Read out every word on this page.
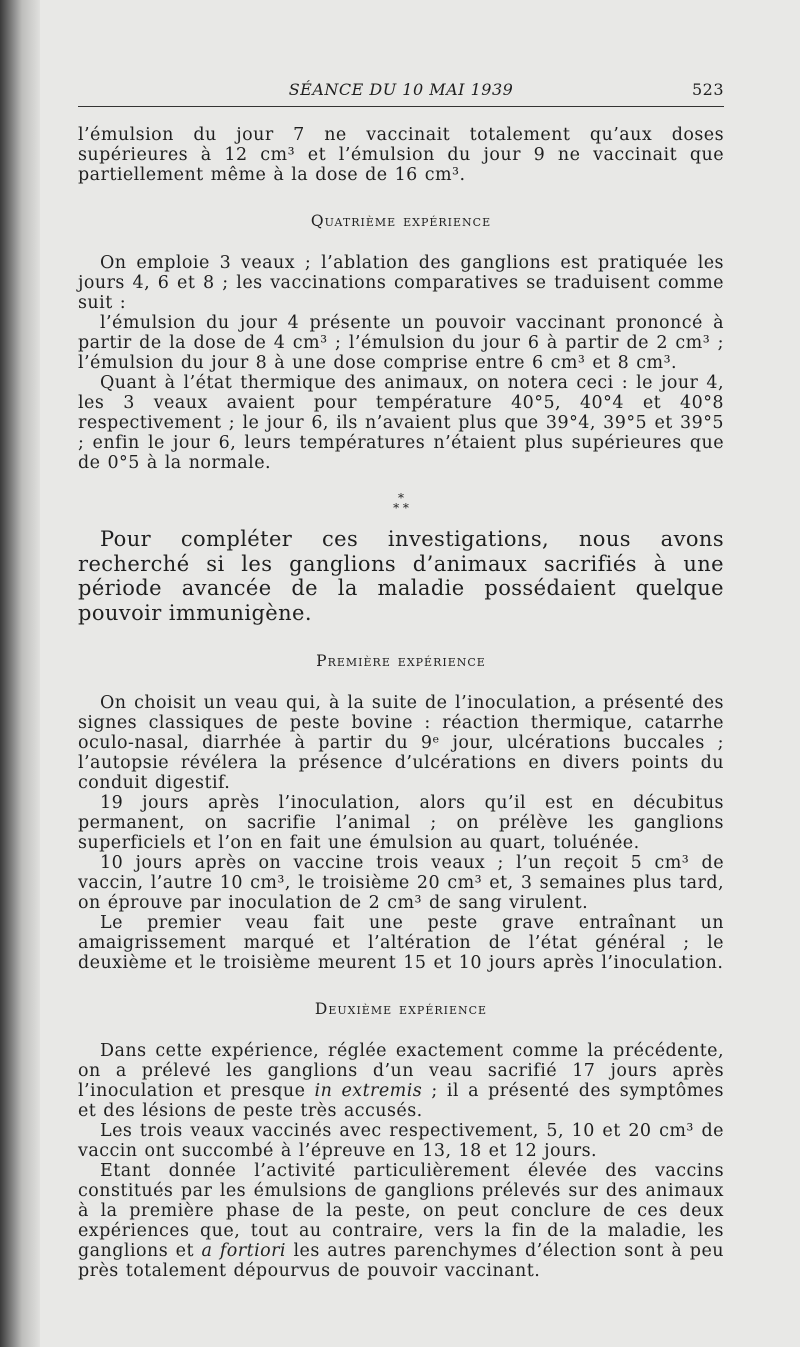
SÉANCE DU 10 MAI 1939	523

l’émulsion du jour 7 ne vaccinait totalement qu’aux doses supérieures à 12 cm³ et l’émulsion du jour 9 ne vaccinait que partiellement même à la dose de 16 cm³.

Quatrième expérience

On emploie 3 veaux ; l’ablation des ganglions est pratiquée les jours 4, 6 et 8 ; les vaccinations comparatives se traduisent comme suit :

l’émulsion du jour 4 présente un pouvoir vaccinant prononcé à partir de la dose de 4 cm³ ; l’émulsion du jour 6 à partir de 2 cm³ ; l’émulsion du jour 8 à une dose comprise entre 6 cm³ et 8 cm³.

Quant à l’état thermique des animaux, on notera ceci : le jour 4, les 3 veaux avaient pour température 40°5, 40°4 et 40°8 respectivement ; le jour 6, ils n’avaient plus que 39°4, 39°5 et 39°5 ; enfin le jour 6, leurs températures n’étaient plus supérieures que de 0°5 à la normale.

*
* *

Pour compléter ces investigations, nous avons recherché si les ganglions d’animaux sacrifiés à une période avancée de la maladie possédaient quelque pouvoir immunigène.

Première expérience

On choisit un veau qui, à la suite de l’inoculation, a présenté des signes classiques de peste bovine : réaction thermique, catarrhe oculo-nasal, diarrhée à partir du 9ᵉ jour, ulcérations buccales ; l’autopsie révélera la présence d’ulcérations en divers points du conduit digestif.

19 jours après l’inoculation, alors qu’il est en décubitus permanent, on sacrifie l’animal ; on prélève les ganglions superficiels et l’on en fait une émulsion au quart, toluénée.

10 jours après on vaccine trois veaux ; l’un reçoit 5 cm³ de vaccin, l’autre 10 cm³, le troisième 20 cm³ et, 3 semaines plus tard, on éprouve par inoculation de 2 cm³ de sang virulent.

Le premier veau fait une peste grave entraînant un amaigrissement marqué et l’altération de l’état général ; le deuxième et le troisième meurent 15 et 10 jours après l’inoculation.

Deuxième expérience

Dans cette expérience, réglée exactement comme la précédente, on a prélevé les ganglions d’un veau sacrifié 17 jours après l’inoculation et presque in extremis ; il a présenté des symptômes et des lésions de peste très accusés.

Les trois veaux vaccinés avec respectivement, 5, 10 et 20 cm³ de vaccin ont succombé à l’épreuve en 13, 18 et 12 jours.

Etant donnée l’activité particulièrement élevée des vaccins constitués par les émulsions de ganglions prélevés sur des animaux à la première phase de la peste, on peut conclure de ces deux expériences que, tout au contraire, vers la fin de la maladie, les ganglions et a fortiori les autres parenchymes d’élection sont à peu près totalement dépourvus de pouvoir vaccinant.
